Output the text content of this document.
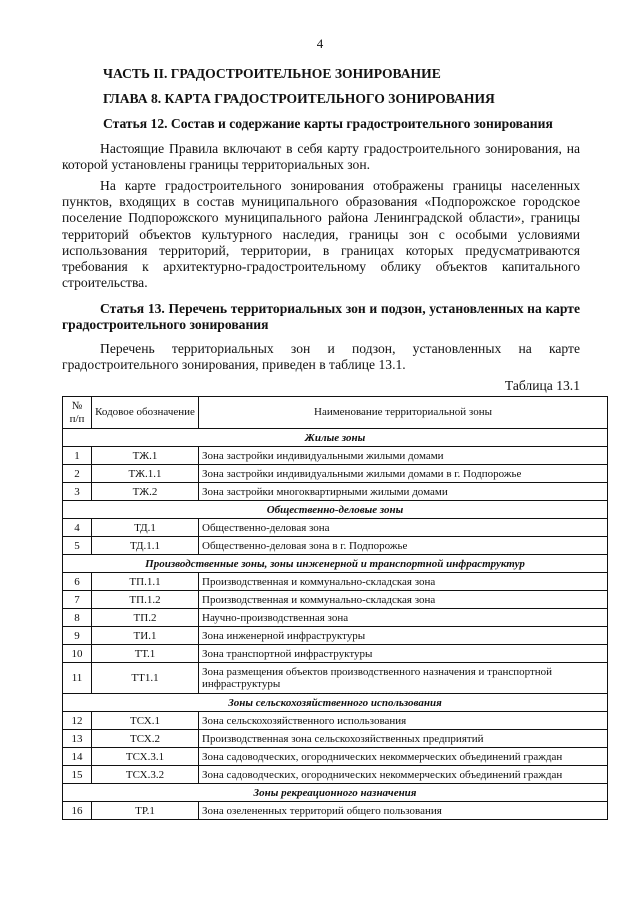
4
ЧАСТЬ II. ГРАДОСТРОИТЕЛЬНОЕ ЗОНИРОВАНИЕ
ГЛАВА 8. КАРТА ГРАДОСТРОИТЕЛЬНОГО ЗОНИРОВАНИЯ
Статья 12. Состав и содержание карты градостроительного зонирования

Настоящие Правила включают в себя карту градостроительного зонирования, на которой установлены границы территориальных зон.

На карте градостроительного зонирования отображены границы населенных пунктов, входящих в состав муниципального образования «Подпорожское городское поселение Подпорожского муниципального района Ленинградской области», границы территорий объектов культурного наследия, границы зон с особыми условиями использования территорий, территории, в границах которых предусматриваются требования к архитектурно-градостроительному облику объектов капитального строительства.

Статья 13. Перечень территориальных зон и подзон, установленных на карте градостроительного зонирования

Перечень территориальных зон и подзон, установленных на карте градостроительного зонирования, приведен в таблице 13.1.

Таблица 13.1
№ п/п	Кодовое обозначение	Наименование территориальной зоны
Жилые зоны		
1	ТЖ.1	Зона застройки индивидуальными жилыми домами
2	ТЖ.1.1	Зона застройки индивидуальными жилыми домами в г. Подпорожье
3	ТЖ.2	Зона застройки многоквартирными жилыми домами
Общественно-деловые зоны		
4	ТД.1	Общественно-деловая зона
5	ТД.1.1	Общественно-деловая зона в г. Подпорожье
Производственные зоны, зоны инженерной и транспортной инфраструктур		
6	ТП.1.1	Производственная и коммунально-складская зона
7	ТП.1.2	Производственная и коммунально-складская зона
8	ТП.2	Научно-производственная зона
9	ТИ.1	Зона инженерной инфраструктуры
10	ТТ.1	Зона транспортной инфраструктуры
11	ТТ1.1	Зона размещения объектов производственного назначения и транспортной инфраструктуры
Зоны сельскохозяйственного использования		
12	ТСХ.1	Зона сельскохозяйственного использования
13	ТСХ.2	Производственная зона сельскохозяйственных предприятий
14	ТСХ.3.1	Зона садоводческих, огороднических некоммерческих объединений граждан
15	ТСХ.3.2	Зона садоводческих, огороднических некоммерческих объединений граждан
Зоны рекреационного назначения		
16	ТР.1	Зона озелененных территорий общего пользования
